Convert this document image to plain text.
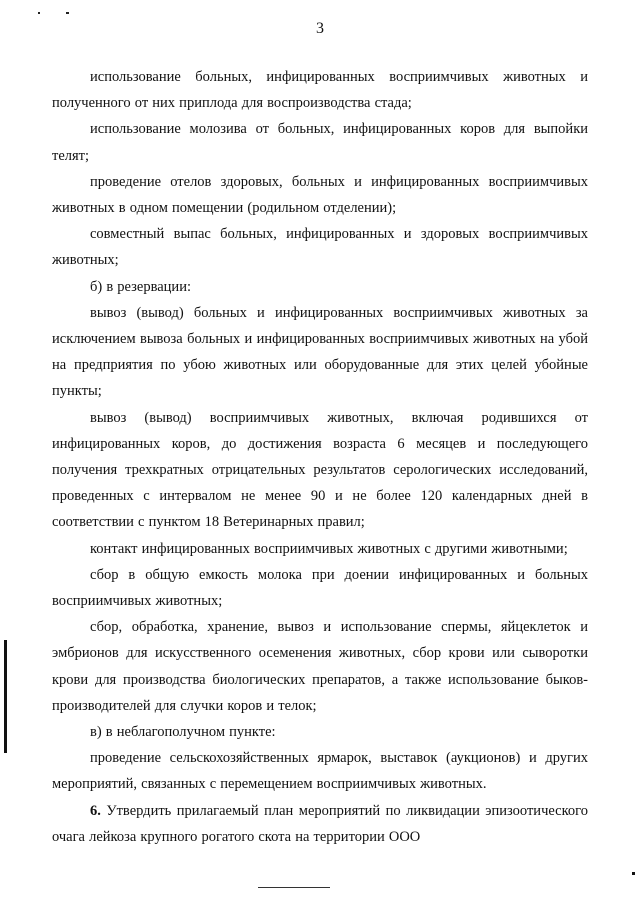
3

использование больных, инфицированных восприимчивых животных и полученного от них приплода для воспроизводства стада;

использование молозива от больных, инфицированных коров для выпойки телят;

проведение отелов здоровых, больных и инфицированных восприимчивых животных в одном помещении (родильном отделении);

совместный выпас больных, инфицированных и здоровых восприимчивых животных;

б) в резервации:

вывоз (вывод) больных и инфицированных восприимчивых животных за исключением вывоза больных и инфицированных восприимчивых животных на убой на предприятия по убою животных или оборудованные для этих целей убойные пункты;

вывоз (вывод) восприимчивых животных, включая родившихся от инфицированных коров, до достижения возраста 6 месяцев и последующего получения трехкратных отрицательных результатов серологических исследований, проведенных с интервалом не менее 90 и не более 120 календарных дней в соответствии с пунктом 18 Ветеринарных правил;

контакт инфицированных восприимчивых животных с другими животными;

сбор в общую емкость молока при доении инфицированных и больных восприимчивых животных;

сбор, обработка, хранение, вывоз и использование спермы, яйцеклеток и эмбрионов для искусственного осеменения животных, сбор крови или сыворотки крови для производства биологических препаратов, а также использование быков-производителей для случки коров и телок;

в) в неблагополучном пункте:

проведение сельскохозяйственных ярмарок, выставок (аукционов) и других мероприятий, связанных с перемещением восприимчивых животных.

6. Утвердить прилагаемый план мероприятий по ликвидации эпизоотического очага лейкоза крупного рогатого скота на территории ООО
